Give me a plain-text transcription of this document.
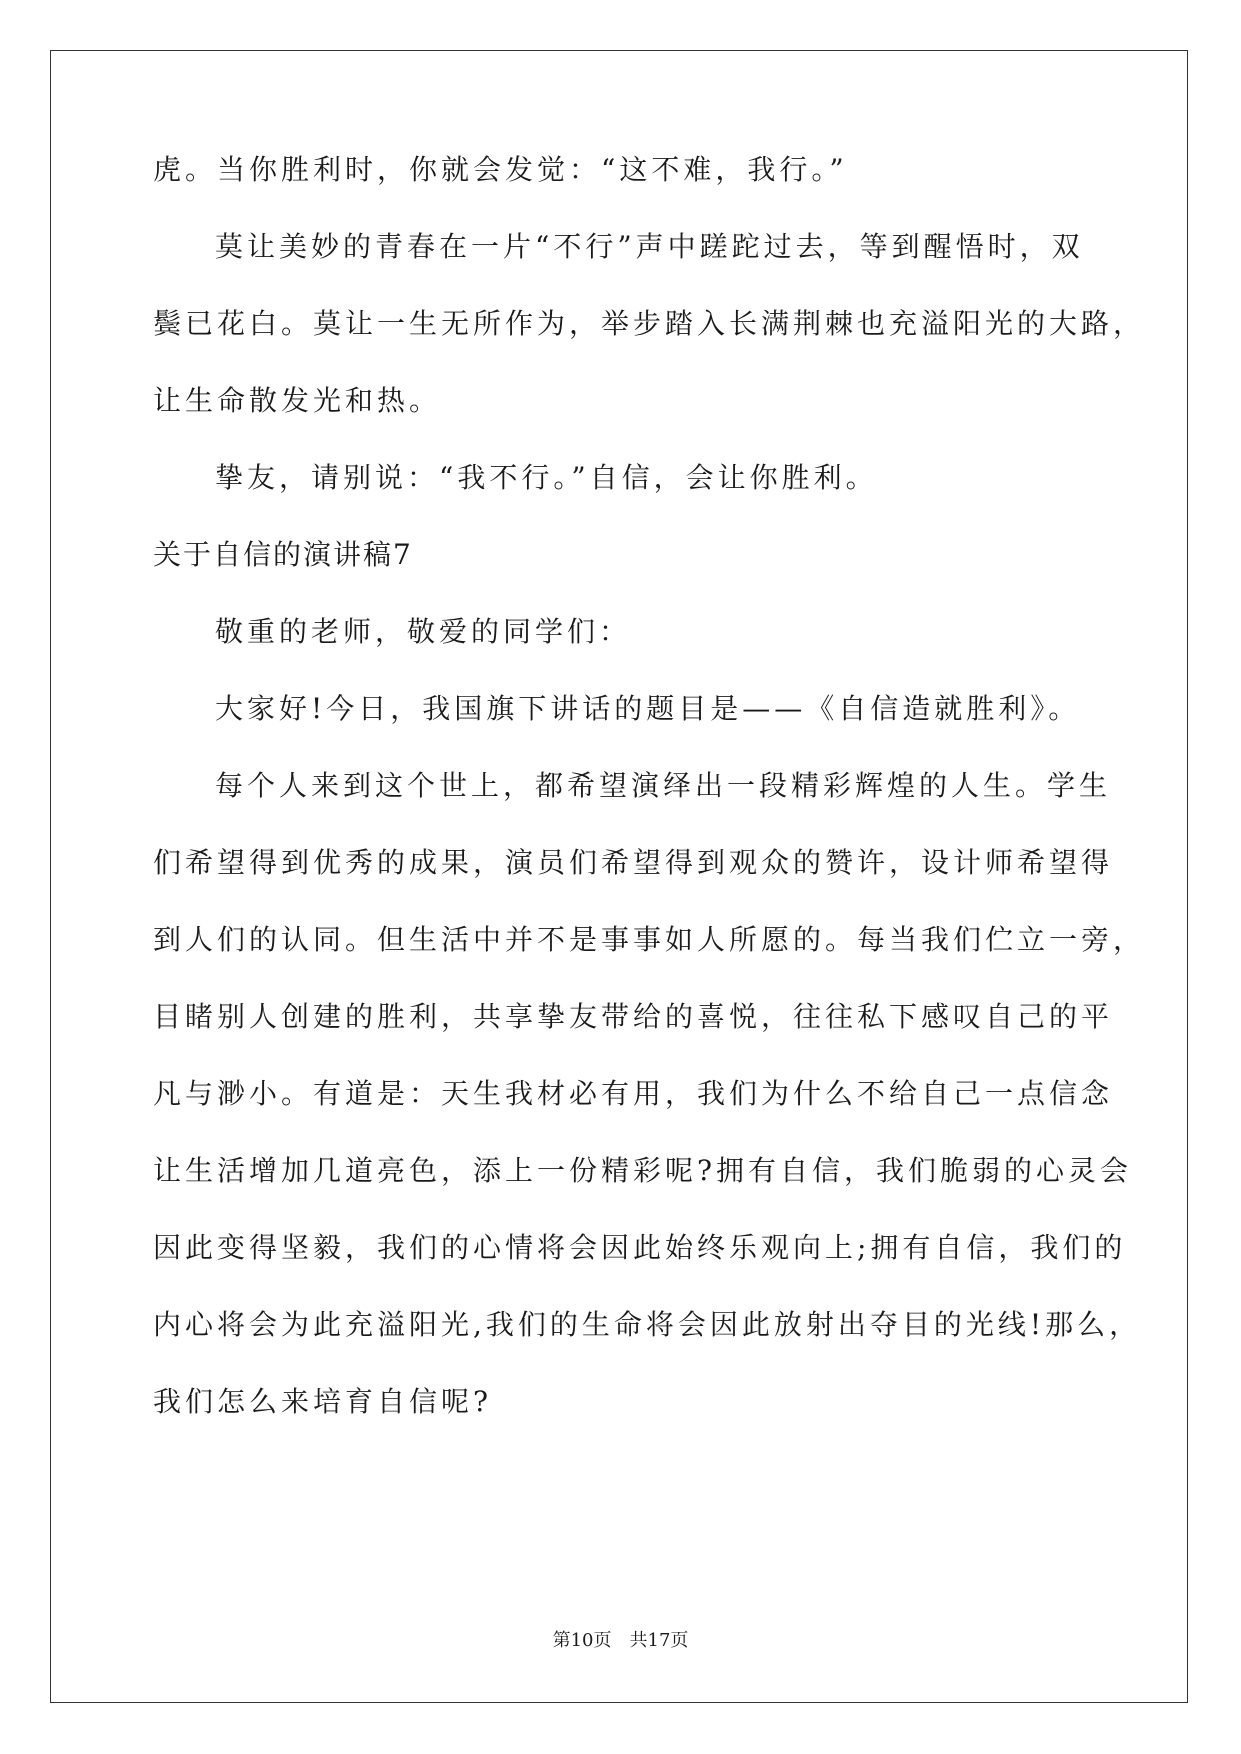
虎。当你胜利时，你就会发觉：“这不难，我行。”
莫让美妙的青春在一片“不行”声中蹉跎过去，等到醒悟时，双
鬓已花白。莫让一生无所作为，举步踏入长满荆棘也充溢阳光的大路，
让生命散发光和热。
挚友，请别说：“我不行。”自信，会让你胜利。
关于自信的演讲稿7
敬重的老师，敬爱的同学们：
大家好!今日，我国旗下讲话的题目是——《自信造就胜利》。
每个人来到这个世上，都希望演绎出一段精彩辉煌的人生。学生
们希望得到优秀的成果，演员们希望得到观众的赞许，设计师希望得
到人们的认同。但生活中并不是事事如人所愿的。每当我们伫立一旁，
目睹别人创建的胜利，共享挚友带给的喜悦，往往私下感叹自己的平
凡与渺小。有道是：天生我材必有用，我们为什么不给自己一点信念
让生活增加几道亮色，添上一份精彩呢?拥有自信，我们脆弱的心灵会
因此变得坚毅，我们的心情将会因此始终乐观向上;拥有自信，我们的
内心将会为此充溢阳光,我们的生命将会因此放射出夺目的光线!那么，
我们怎么来培育自信呢?
第10页　共17页
